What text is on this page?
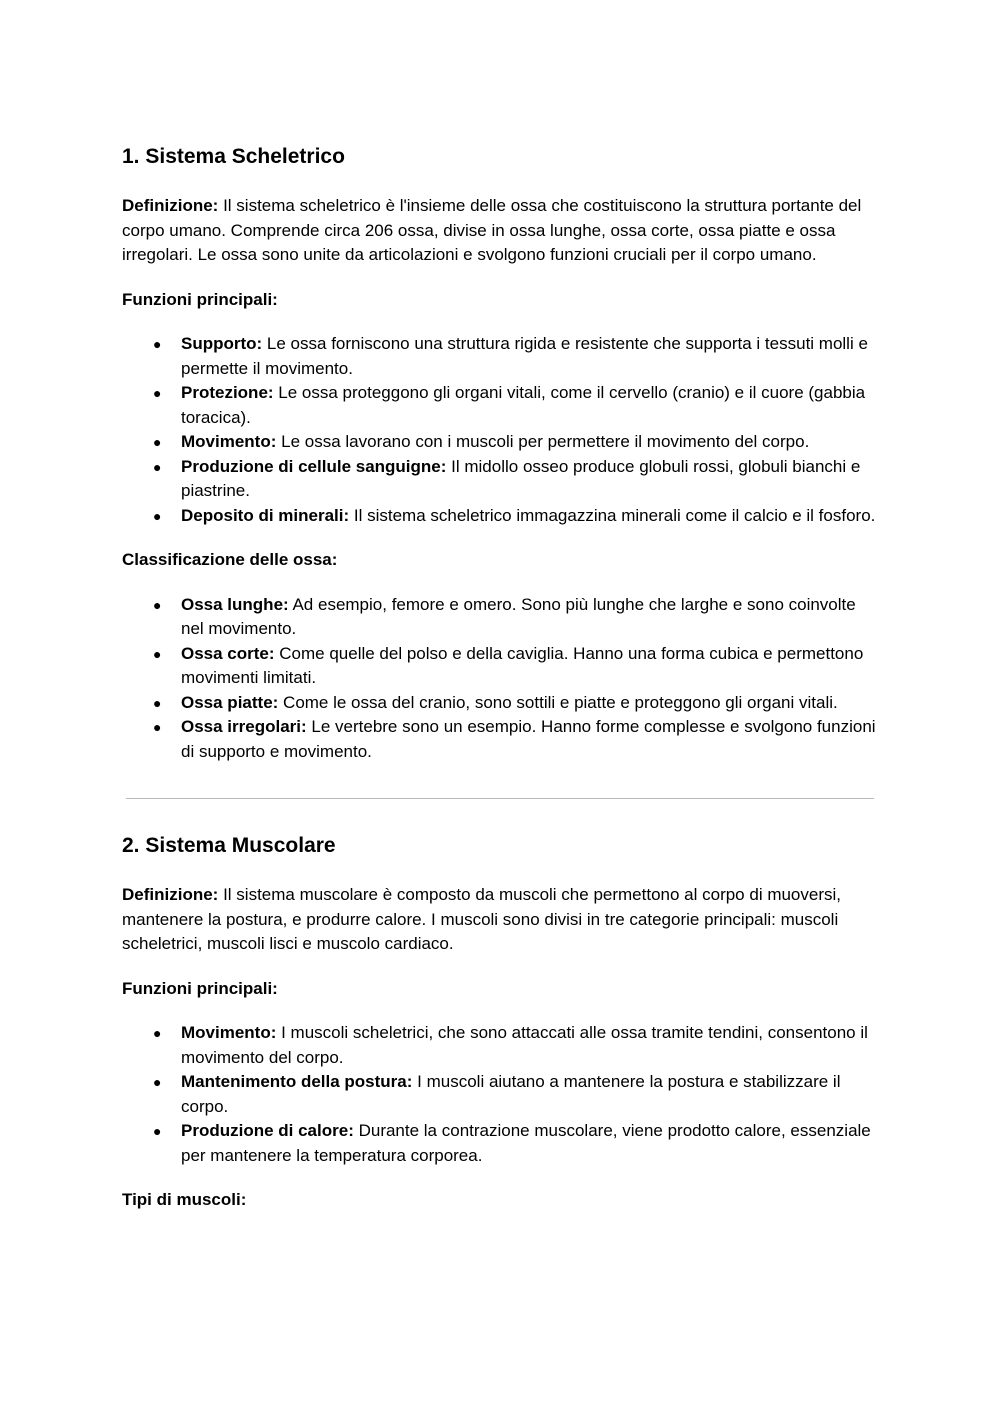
1. Sistema Scheletrico

Definizione: Il sistema scheletrico è l'insieme delle ossa che costituiscono la struttura portante del corpo umano. Comprende circa 206 ossa, divise in ossa lunghe, ossa corte, ossa piatte e ossa irregolari. Le ossa sono unite da articolazioni e svolgono funzioni cruciali per il corpo umano.

Funzioni principali:
● Supporto: Le ossa forniscono una struttura rigida e resistente che supporta i tessuti molli e permette il movimento.
● Protezione: Le ossa proteggono gli organi vitali, come il cervello (cranio) e il cuore (gabbia toracica).
● Movimento: Le ossa lavorano con i muscoli per permettere il movimento del corpo.
● Produzione di cellule sanguigne: Il midollo osseo produce globuli rossi, globuli bianchi e piastrine.
● Deposito di minerali: Il sistema scheletrico immagazzina minerali come il calcio e il fosforo.
Classificazione delle ossa:
● Ossa lunghe: Ad esempio, femore e omero. Sono più lunghe che larghe e sono coinvolte nel movimento.
● Ossa corte: Come quelle del polso e della caviglia. Hanno una forma cubica e permettono movimenti limitati.
● Ossa piatte: Come le ossa del cranio, sono sottili e piatte e proteggono gli organi vitali.
● Ossa irregolari: Le vertebre sono un esempio. Hanno forme complesse e svolgono funzioni di supporto e movimento.
2. Sistema Muscolare

Definizione: Il sistema muscolare è composto da muscoli che permettono al corpo di muoversi, mantenere la postura, e produrre calore. I muscoli sono divisi in tre categorie principali: muscoli scheletrici, muscoli lisci e muscolo cardiaco.

Funzioni principali:
● Movimento: I muscoli scheletrici, che sono attaccati alle ossa tramite tendini, consentono il movimento del corpo.
● Mantenimento della postura: I muscoli aiutano a mantenere la postura e stabilizzare il corpo.
● Produzione di calore: Durante la contrazione muscolare, viene prodotto calore, essenziale per mantenere la temperatura corporea.
Tipi di muscoli:
